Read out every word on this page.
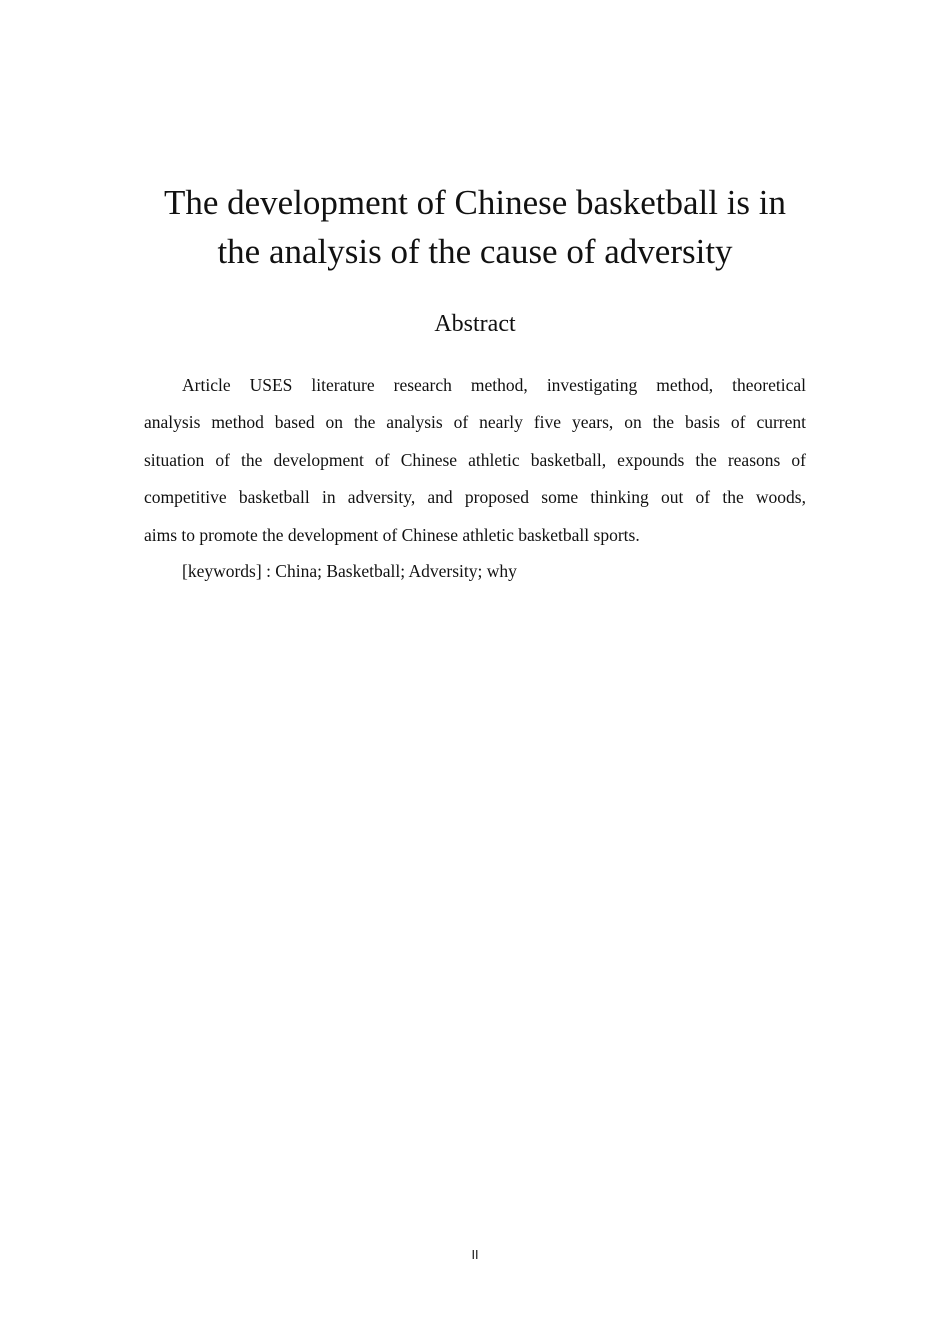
The development of Chinese basketball is in
the analysis of the cause of adversity
Abstract
Article USES literature research method, investigating method, theoretical
analysis method based on the analysis of nearly five years, on the basis of current
situation of the development of Chinese athletic basketball, expounds the reasons of
competitive basketball in adversity, and proposed some thinking out of the woods,
aims to promote the development of Chinese athletic basketball sports.

[keywords] : China; Basketball; Adversity; why

II
